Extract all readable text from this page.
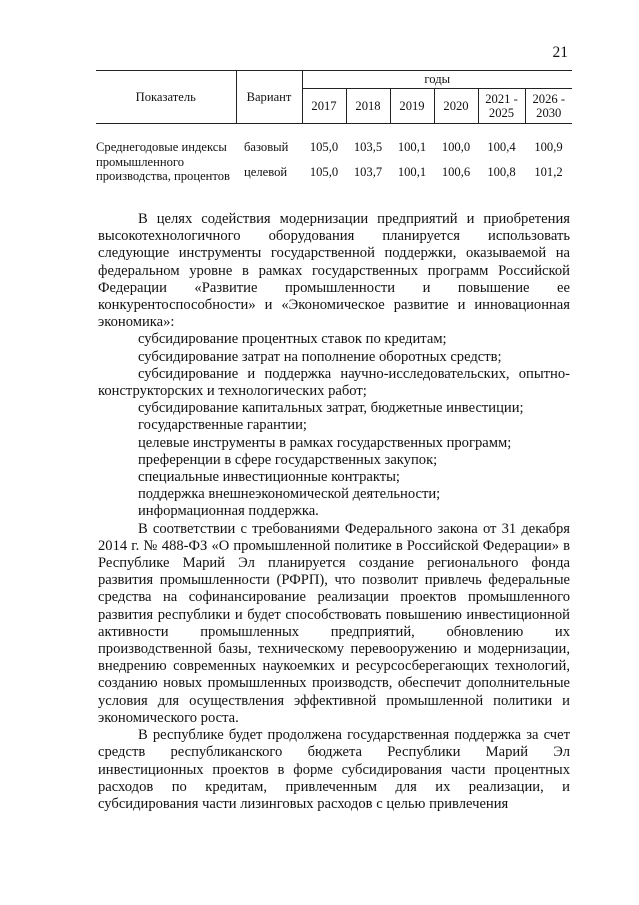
21
Показатель	Вариант	годы					
		2017	2018	2019	2020	2021 - 2025	2026 - 2030
Среднегодовые индексы промышленного производства, процентов	базовый	105,0	103,5	100,1	100,0	100,4	100,9
	целевой	105,0	103,7	100,1	100,6	100,8	101,2

В целях содействия модернизации предприятий и приобретения высокотехнологичного оборудования планируется использовать следующие инструменты государственной поддержки, оказываемой на федеральном уровне в рамках государственных программ Российской Федерации «Развитие промышленности и повышение ее конкурентоспособности» и «Экономическое развитие и инновационная экономика»:

субсидирование процентных ставок по кредитам;

субсидирование затрат на пополнение оборотных средств;

субсидирование и поддержка научно-исследовательских, опытно-конструкторских и технологических работ;

субсидирование капитальных затрат, бюджетные инвестиции;

государственные гарантии;

целевые инструменты в рамках государственных программ;

преференции в сфере государственных закупок;

специальные инвестиционные контракты;

поддержка внешнеэкономической деятельности;

информационная поддержка.

В соответствии с требованиями Федерального закона от 31 декабря 2014 г. № 488-ФЗ «О промышленной политике в Российской Федерации» в Республике Марий Эл планируется создание регионального фонда развития промышленности (РФРП), что позволит привлечь федеральные средства на софинансирование реализации проектов промышленного развития республики и будет способствовать повышению инвестиционной активности промышленных предприятий, обновлению их производственной базы, техническому перевооружению и модернизации, внедрению современных наукоемких и ресурсосберегающих технологий, созданию новых промышленных производств, обеспечит дополнительные условия для осуществления эффективной промышленной политики и экономического роста.

В республике будет продолжена государственная поддержка за счет средств республиканского бюджета Республики Марий Эл инвестиционных проектов в форме субсидирования части процентных расходов по кредитам, привлеченным для их реализации, и субсидирования части лизинговых расходов с целью привлечения
